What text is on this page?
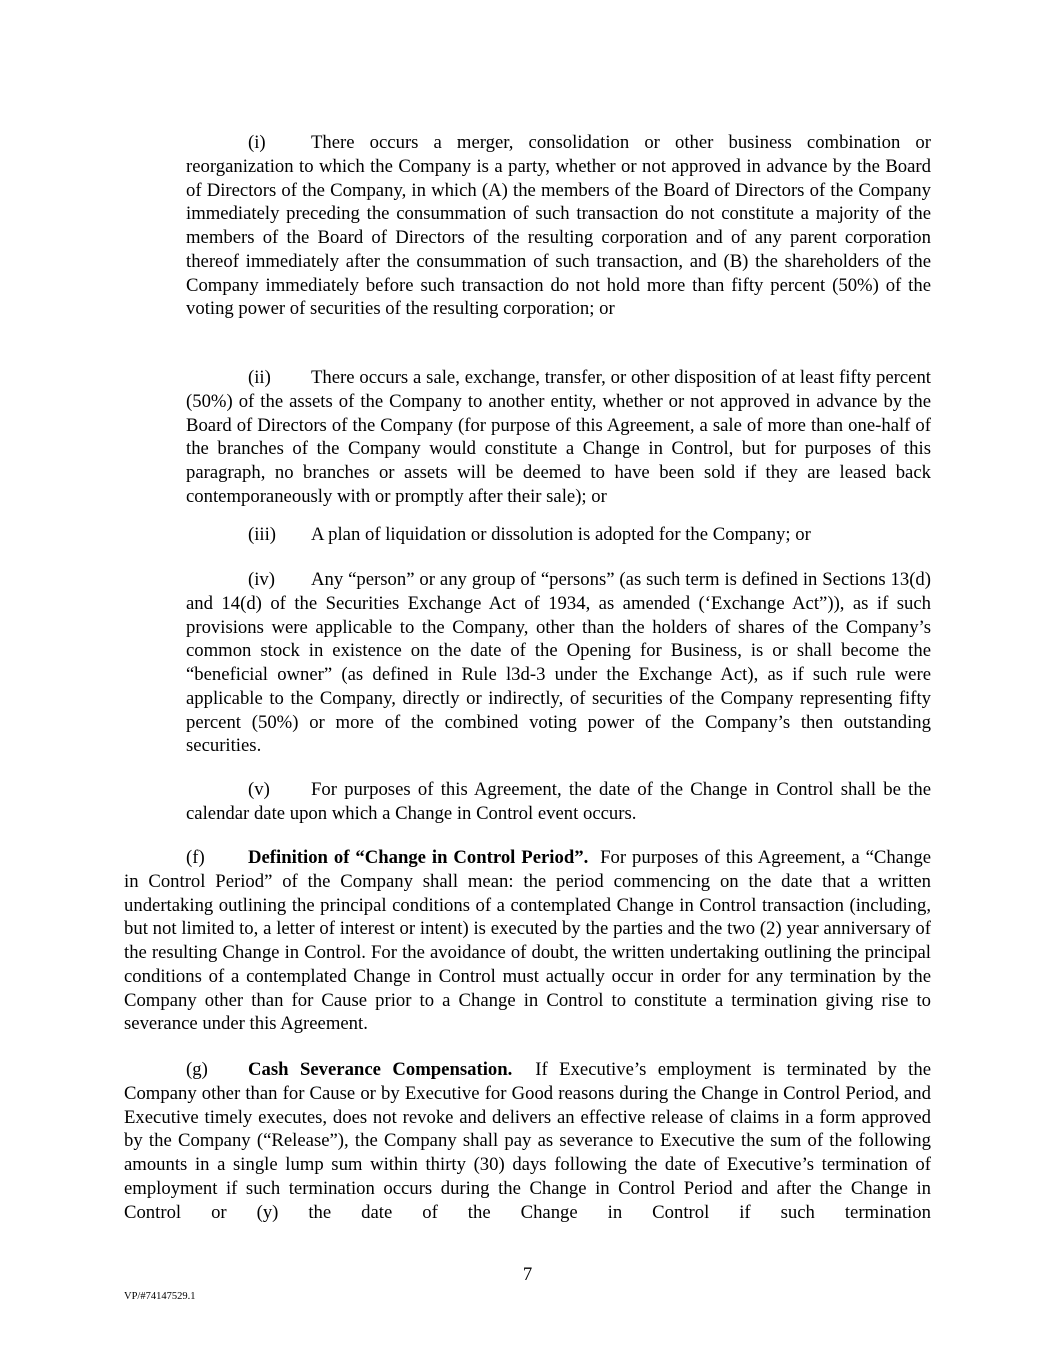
(i) There occurs a merger, consolidation or other business combination or reorganization to which the Company is a party, whether or not approved in advance by the Board of Directors of the Company, in which (A) the members of the Board of Directors of the Company immediately preceding the consummation of such transaction do not constitute a majority of the members of the Board of Directors of the resulting corporation and of any parent corporation thereof immediately after the consummation of such transaction, and (B) the shareholders of the Company immediately before such transaction do not hold more than fifty percent (50%) of the voting power of securities of the resulting corporation; or

(ii) There occurs a sale, exchange, transfer, or other disposition of at least fifty percent (50%) of the assets of the Company to another entity, whether or not approved in advance by the Board of Directors of the Company (for purpose of this Agreement, a sale of more than one-half of the branches of the Company would constitute a Change in Control, but for purposes of this paragraph, no branches or assets will be deemed to have been sold if they are leased back contemporaneously with or promptly after their sale); or

(iii) A plan of liquidation or dissolution is adopted for the Company; or

(iv) Any “person” or any group of “persons” (as such term is defined in Sections 13(d) and 14(d) of the Securities Exchange Act of 1934, as amended (‘Exchange Act”)), as if such provisions were applicable to the Company, other than the holders of shares of the Company’s common stock in existence on the date of the Opening for Business, is or shall become the “beneficial owner” (as defined in Rule l3d-3 under the Exchange Act), as if such rule were applicable to the Company, directly or indirectly, of securities of the Company representing fifty percent (50%) or more of the combined voting power of the Company’s then outstanding securities.

(v) For purposes of this Agreement, the date of the Change in Control shall be the calendar date upon which a Change in Control event occurs.

(f) Definition of “Change in Control Period”. For purposes of this Agreement, a “Change in Control Period” of the Company shall mean: the period commencing on the date that a written undertaking outlining the principal conditions of a contemplated Change in Control transaction (including, but not limited to, a letter of interest or intent) is executed by the parties and the two (2) year anniversary of the resulting Change in Control. For the avoidance of doubt, the written undertaking outlining the principal conditions of a contemplated Change in Control must actually occur in order for any termination by the Company other than for Cause prior to a Change in Control to constitute a termination giving rise to severance under this Agreement.

(g) Cash Severance Compensation. If Executive’s employment is terminated by the Company other than for Cause or by Executive for Good reasons during the Change in Control Period, and Executive timely executes, does not revoke and delivers an effective release of claims in a form approved by the Company (“Release”), the Company shall pay as severance to Executive the sum of the following amounts in a single lump sum within thirty (30) days following the date of Executive’s termination of employment if such termination occurs during the Change in Control Period and after the Change in Control or (y) the date of the Change in Control if such termination

7
VP/#74147529.1
